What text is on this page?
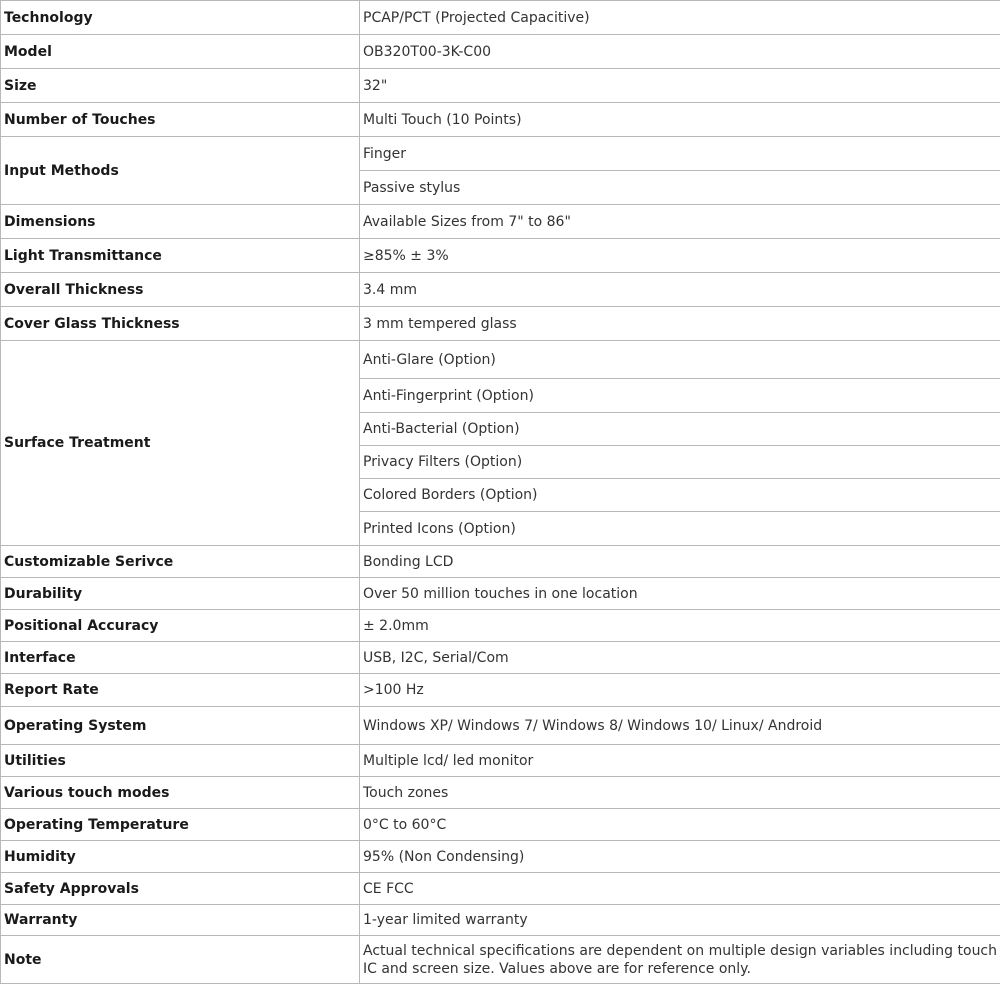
Technology	PCAP/PCT (Projected Capacitive)
Model	OB320T00-3K-C00
Size	32"
Number of Touches	Multi Touch (10 Points)
Input Methods	Finger
	Passive stylus
Dimensions	Available Sizes from 7" to 86"
Light Transmittance	≥85% ± 3%
Overall Thickness	3.4 mm
Cover Glass Thickness	3 mm tempered glass
Surface Treatment	Anti-Glare (Option)
	Anti-Fingerprint (Option)
	Anti-Bacterial (Option)
	Privacy Filters (Option)
	Colored Borders (Option)
	Printed Icons (Option)
Customizable Serivce	Bonding LCD
Durability	Over 50 million touches in one location
Positional Accuracy	± 2.0mm
Interface	USB, I2C, Serial/Com
Report Rate	>100 Hz
Operating System	Windows XP/ Windows 7/ Windows 8/ Windows 10/ Linux/ Android
Utilities	Multiple lcd/ led monitor
Various touch modes	Touch zones
Operating Temperature	0°C to 60°C
Humidity	95% (Non Condensing)
Safety Approvals	CE FCC
Warranty	1-year limited warranty
Note	Actual technical specifications are dependent on multiple design variables including touch IC and screen size. Values above are for reference only.
